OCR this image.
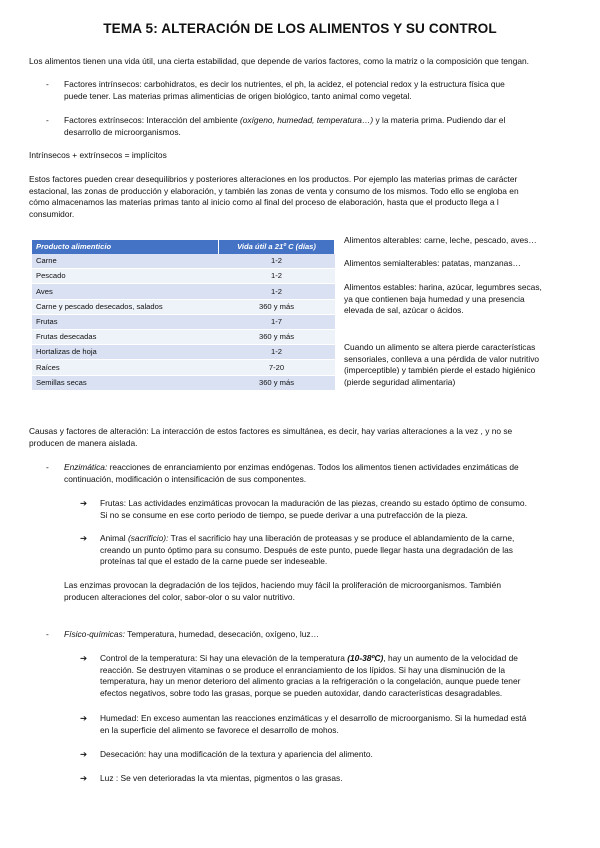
TEMA 5: ALTERACIÓN DE LOS ALIMENTOS Y SU CONTROL
Los alimentos tienen una vida útil, una cierta estabilidad, que depende de varios factores, como la matriz o la composición que tengan.
- Factores intrínsecos: carbohidratos, es decir los nutrientes, el ph, la acidez, el potencial redox y la estructura física que

puede tener. Las materias primas alimenticias de origen biológico, tanto animal como vegetal.

- Factores extrínsecos: Interacción del ambiente (oxígeno, humedad, temperatura…) y la materia prima. Pudiendo dar el

desarrollo de microorganismos.

Intrínsecos + extrínsecos = implícitos

Estos factores pueden crear desequilibrios y posteriores alteraciones en los productos. Por ejemplo las materias primas de carácter

estacional, las zonas de producción y elaboración, y también las zonas de venta y consumo de los mismos. Todo ello se engloba en

cómo almacenamos las materias primas tanto al inicio como al final del proceso de elaboración, hasta que el producto llega a l

consumidor.

Producto alimenticio	Vida útil a 21º C (días)
Carne	1-2
Pescado	1-2
Aves	1-2
Carne y pescado desecados, salados	360 y más
Frutas	1-7
Frutas desecadas	360 y más
Hortalizas de hoja	1-2
Raíces	7-20
Semillas secas	360 y más
Alimentos alterables: carne, leche, pescado, aves…
Alimentos semialterables: patatas, manzanas…

Alimentos estables: harina, azúcar, legumbres secas,

ya que contienen baja humedad y una presencia

elevada de sal, azúcar o ácidos.

Cuando un alimento se altera pierde características

sensoriales, conlleva a una pérdida de valor nutritivo

(imperceptible) y también pierde el estado higiénico

(pierde seguridad alimentaria)

Causas y factores de alteración: La interacción de estos factores es simultánea, es decir, hay varias alteraciones a la vez , y no se

producen de manera aislada.

- Enzimática: reacciones de enranciamiento por enzimas endógenas. Todos los alimentos tienen actividades enzimáticas de

continuación, modificación o intensificación de sus componentes.

➔ Frutas: Las actividades enzimáticas provocan la maduración de las piezas, creando su estado óptimo de consumo.

Si no se consume en ese corto periodo de tiempo, se puede derivar a una putrefacción de la pieza.

➔ Animal (sacrificio): Tras el sacrificio hay una liberación de proteasas y se produce el ablandamiento de la carne,

creando un punto óptimo para su consumo. Después de este punto, puede llegar hasta una degradación de las

proteínas tal que el estado de la carne puede ser indeseable.

Las enzimas provocan la degradación de los tejidos, haciendo muy fácil la proliferación de microorganismos. También

producen alteraciones del color, sabor-olor o su valor nutritivo.

- Físico-químicas: Temperatura, humedad, desecación, oxígeno, luz…

➔ Control de la temperatura: Si hay una elevación de la temperatura (10-38ºC), hay un aumento de la velocidad de

reacción. Se destruyen vitaminas o se produce el enranciamiento de los lípidos. Si hay una disminución de la

temperatura, hay un menor deterioro del alimento gracias a la refrigeración o la congelación, aunque puede tener

efectos negativos, sobre todo las grasas, porque se pueden autoxidar, dando características desagradables.

➔ Humedad: En exceso aumentan las reacciones enzimáticas y el desarrollo de microorganismo. Si la humedad está

en la superficie del alimento se favorece el desarrollo de mohos.

➔ Desecación: hay una modificación de la textura y apariencia del alimento.
➔ Luz : Se ven deterioradas la vta mientas, pigmentos o las grasas.
